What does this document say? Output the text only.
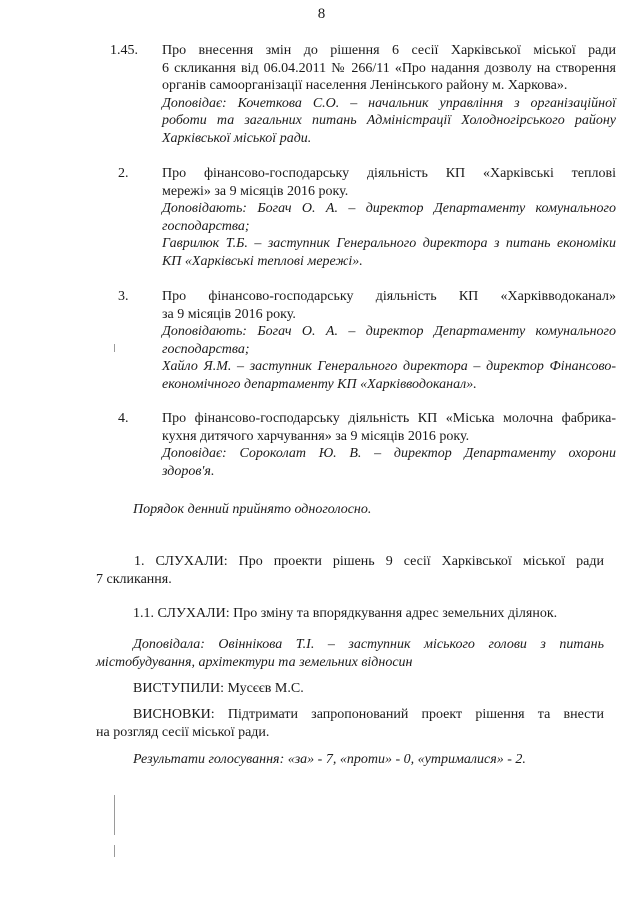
8
1.45. Про внесення змін до рішення 6 сесії Харківської міської ради
6 скликання від 06.04.2011 № 266/11 «Про надання дозволу на створення
органів самоорганізації населення Ленінського району м. Харкова».
Доповідає: Кочеткова С.О. – начальник управління з організаційної
роботи та загальних питань Адміністрації Холодногірського району
Харківської міської ради.
2. Про фінансово-господарську діяльність КП «Харківські теплові
мережі» за 9 місяців 2016 року.
Доповідають: Богач О. А. – директор Департаменту комунального
господарства;
Гаврилюк Т.Б. – заступник Генерального директора з питань економіки
КП «Харківські теплові мережі».
3. Про фінансово-господарську діяльність КП «Харківводоканал»
за 9 місяців 2016 року.
Доповідають: Богач О. А. – директор Департаменту комунального
господарства;
Хайло Я.М. – заступник Генерального директора – директор Фінансово-
економічного департаменту КП «Харківводоканал».
4. Про фінансово-господарську діяльність КП «Міська молочна фабрика-
кухня дитячого харчування» за 9 місяців 2016 року.
Доповідає: Сороколат Ю. В. – директор Департаменту охорони
здоров'я.
Порядок денний прийнято одноголосно.
1. СЛУХАЛИ: Про проекти рішень 9 сесії Харківської міської ради
7 скликання.
1.1. СЛУХАЛИ: Про зміну та впорядкування адрес земельних ділянок.
Доповідала: Овіннікова Т.І. – заступник міського голови з питань
містобудування, архітектури та земельних відносин
ВИСТУПИЛИ: Мусєєв М.С.
ВИСНОВКИ: Підтримати запропонований проект рішення та внести
на розгляд сесії міської ради.
Результати голосування: «за» - 7, «проти» - 0, «утрималися» - 2.
